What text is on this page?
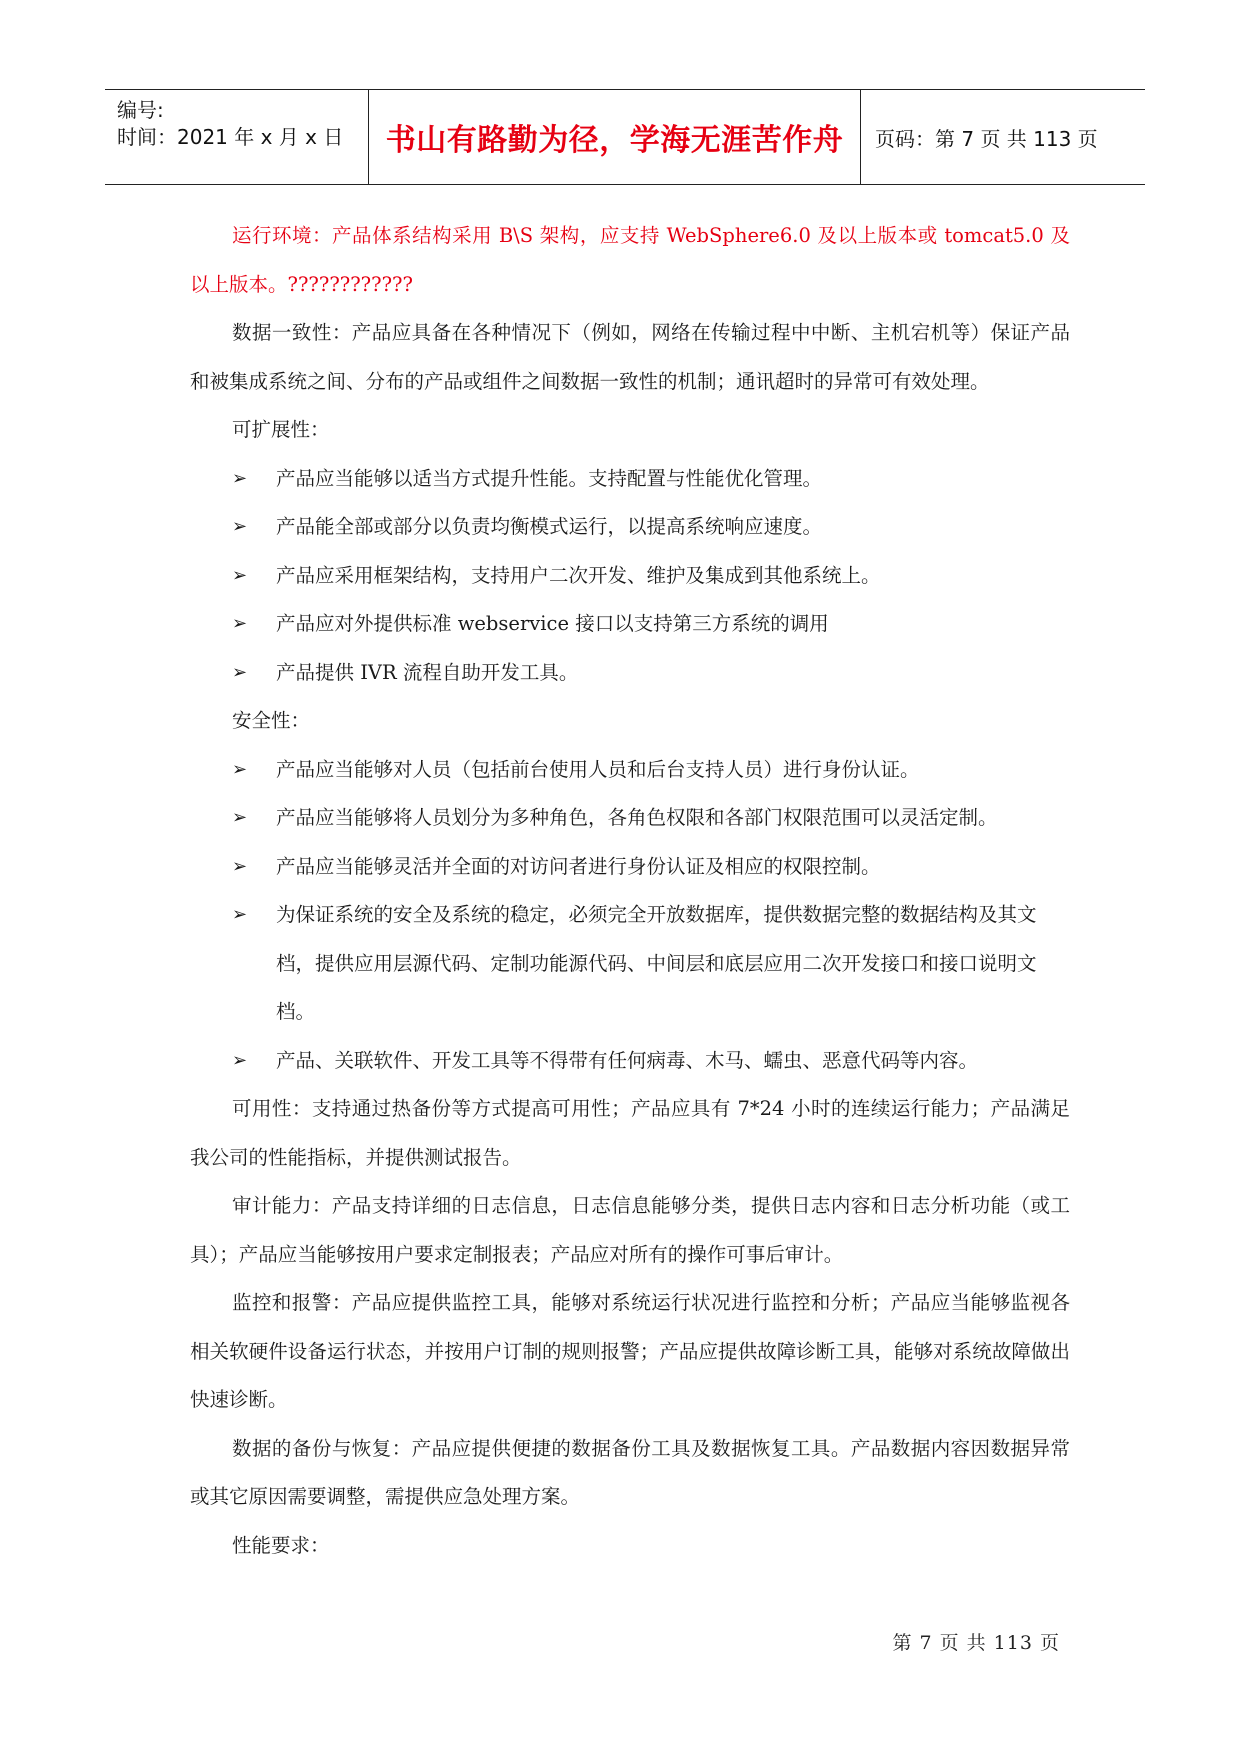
编号:
时间：2021 年 x 月 x 日	书山有路勤为径，学海无涯苦作舟	页码：第 7 页 共 113 页

运行环境：产品体系结构采用 B\S 架构，应支持 WebSphere6.0 及以上版本或 tomcat5.0 及以上版本。????????????

数据一致性：产品应具备在各种情况下（例如，网络在传输过程中中断、主机宕机等）保证产品和被集成系统之间、分布的产品或组件之间数据一致性的机制；通讯超时的异常可有效处理。

可扩展性：

➢ 产品应当能够以适当方式提升性能。支持配置与性能优化管理。

➢ 产品能全部或部分以负责均衡模式运行，以提高系统响应速度。

➢ 产品应采用框架结构，支持用户二次开发、维护及集成到其他系统上。

➢ 产品应对外提供标准 webservice 接口以支持第三方系统的调用

➢ 产品提供 IVR 流程自助开发工具。

安全性：

➢ 产品应当能够对人员（包括前台使用人员和后台支持人员）进行身份认证。

➢ 产品应当能够将人员划分为多种角色，各角色权限和各部门权限范围可以灵活定制。

➢ 产品应当能够灵活并全面的对访问者进行身份认证及相应的权限控制。

➢ 为保证系统的安全及系统的稳定，必须完全开放数据库，提供数据完整的数据结构及其文档，提供应用层源代码、定制功能源代码、中间层和底层应用二次开发接口和接口说明文档。

➢ 产品、关联软件、开发工具等不得带有任何病毒、木马、蠕虫、恶意代码等内容。

可用性：支持通过热备份等方式提高可用性；产品应具有 7*24 小时的连续运行能力；产品满足我公司的性能指标，并提供测试报告。

审计能力：产品支持详细的日志信息，日志信息能够分类，提供日志内容和日志分析功能（或工具）；产品应当能够按用户要求定制报表；产品应对所有的操作可事后审计。

监控和报警：产品应提供监控工具，能够对系统运行状况进行监控和分析；产品应当能够监视各相关软硬件设备运行状态，并按用户订制的规则报警；产品应提供故障诊断工具，能够对系统故障做出快速诊断。

数据的备份与恢复：产品应提供便捷的数据备份工具及数据恢复工具。产品数据内容因数据异常或其它原因需要调整，需提供应急处理方案。

性能要求：

第 7 页 共 113 页
